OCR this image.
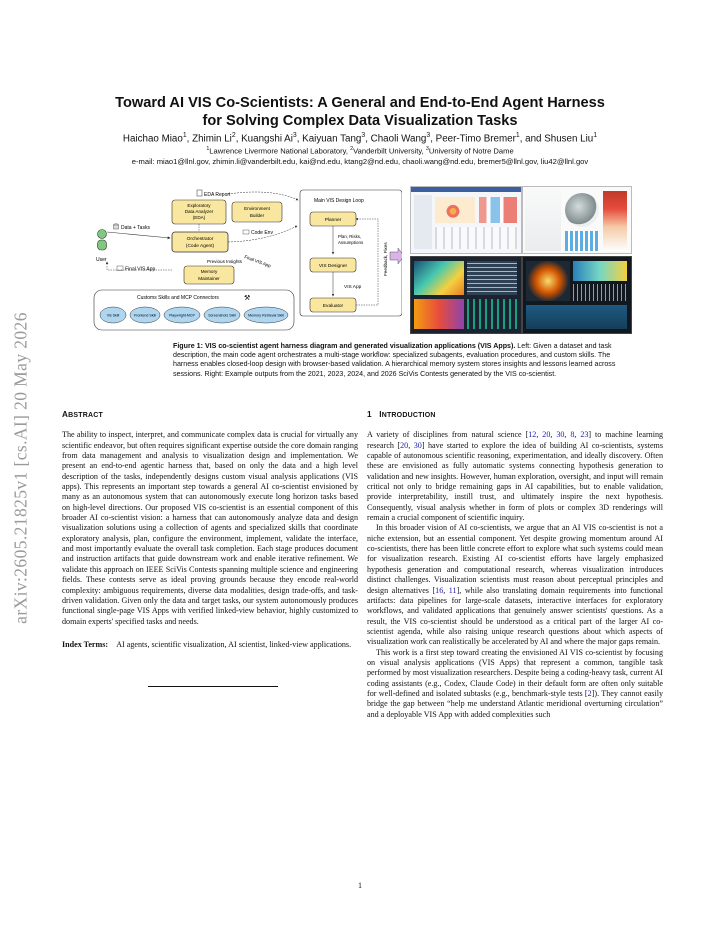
arXiv:2605.21825v1 [cs.AI] 20 May 2026
Toward AI VIS Co-Scientists: A General and End-to-End Agent Harness
for Solving Complex Data Visualization Tasks
Haichao Miao$^1$, Zhimin Li$^2$, Kuangshi Ai$^3$, Kaiyuan Tang$^3$, Chaoli Wang$^3$, Peer-Timo Bremer$^1$, and Shusen Liu$^1$
$^1$Lawrence Livermore National Laboratory, $^2$Vanderbilt University, $^3$University of Notre Dame
e-mail: miao1@llnl.gov, zhimin.li@vanderbilt.edu, kai@nd.edu, ktang2@nd.edu, chaoli.wang@nd.edu, bremer5@llnl.gov, liu42@llnl.gov
User
Data + Tasks
EDA Report
Exploratory
Data Analyzer
(EDA)
Environment
Builder
Code Env
Orchestrator
(Code Agent)
Memory
Maintainer
Previous Insights
Final VIS App
Final VIS App
Main VIS Design Loop
Planner
Plan, Risks,
Assumptions
VIS Designer
VIS App
Evaluator
Feedback, Fixes
Customs Skills and MCP Connectors	⚒
Vis Skill	Frontend Skill	Playwright-MCP	Screenshots Skill	Memory Retrieval Skill
Figure 1: VIS co-scientist agent harness diagram and generated visualization applications (VIS Apps). Left: Given a dataset and task description, the main code agent orchestrates a multi-stage workflow: specialized subagents, evaluation procedures, and custom skills. The harness enables closed-loop design with browser-based validation. A hierarchical memory system stores insights and lessons learned across sessions. Right: Example outputs from the 2021, 2023, 2024, and 2026 SciVis Contests generated by the VIS co-scientist.
ABSTRACT

The ability to inspect, interpret, and communicate complex data is crucial for virtually any scientific endeavor, but often requires significant expertise outside the core domain ranging from data management and analysis to visualization design and implementation. We present an end-to-end agentic harness that, based on only the data and a high level description of the tasks, independently designs custom visual analysis applications (VIS apps). This represents an important step towards a general AI co-scientist envisioned by many as an autonomous system that can autonomously execute long horizon tasks based on high-level directions. Our proposed VIS co-scientist is an essential component of this broader AI co-scientist vision: a harness that can autonomously analyze data and design visualization solutions using a collection of agents and specialized skills that coordinate exploratory analysis, plan, configure the environment, implement, validate the interface, and most importantly evaluate the overall task completion. Each stage produces document and instruction artifacts that guide downstream work and enable iterative refinement. We validate this approach on IEEE SciVis Contests spanning multiple science and engineering fields. These contests serve as ideal proving grounds because they encode real-world complexity: ambiguous requirements, diverse data modalities, design trade-offs, and task-driven validation. Given only the data and target tasks, our system autonomously produces functional single-page VIS Apps with verified linked-view behavior, highly customized to domain experts' specified tasks and needs.

Index Terms: AI agents, scientific visualization, AI scientist, linked-view applications.

1 INTRODUCTION

A variety of disciplines from natural science [12, 20, 30, 8, 23] to machine learning research [20, 30] have started to explore the idea of building AI co-scientists, systems capable of autonomous scientific reasoning, experimentation, and ideally discovery. Often these are envisioned as fully automatic systems connecting hypothesis generation to validation and new insights. However, human exploration, oversight, and input will remain critical not only to bridge remaining gaps in AI capabilities, but to enable validation, provide interpretability, instill trust, and ultimately inspire the next hypothesis. Consequently, visual analysis whether in form of plots or complex 3D renderings will remain a crucial component of scientific inquiry.

In this broader vision of AI co-scientists, we argue that an AI VIS co-scientist is not a niche extension, but an essential component. Yet despite growing momentum around AI co-scientists, there has been little concrete effort to explore what such systems could mean for visualization research. Existing AI co-scientist efforts have largely emphasized hypothesis generation and computational research, whereas visualization introduces distinct challenges. Visualization scientists must reason about perceptual principles and design alternatives [16, 11], while also translating domain requirements into functional artifacts: data pipelines for large-scale datasets, interactive interfaces for exploratory workflows, and validated applications that genuinely answer scientists' questions. As a result, the VIS co-scientist should be understood as a critical part of the larger AI co-scientist agenda, while also raising unique research questions about which aspects of visualization work can realistically be accelerated by AI and where the major gaps remain.

This work is a first step toward creating the envisioned AI VIS co-scientist by focusing on visual analysis applications (VIS Apps) that represent a common, tangible task performed by most visualization researchers. Despite being a coding-heavy task, current AI coding assistants (e.g., Codex, Claude Code) in their default form are often only suitable for well-defined and isolated subtasks (e.g., benchmark-style tests [2]). They cannot easily bridge the gap between “help me understand Atlantic meridional overturning circulation” and a deployable VIS App with added complexities such

1
